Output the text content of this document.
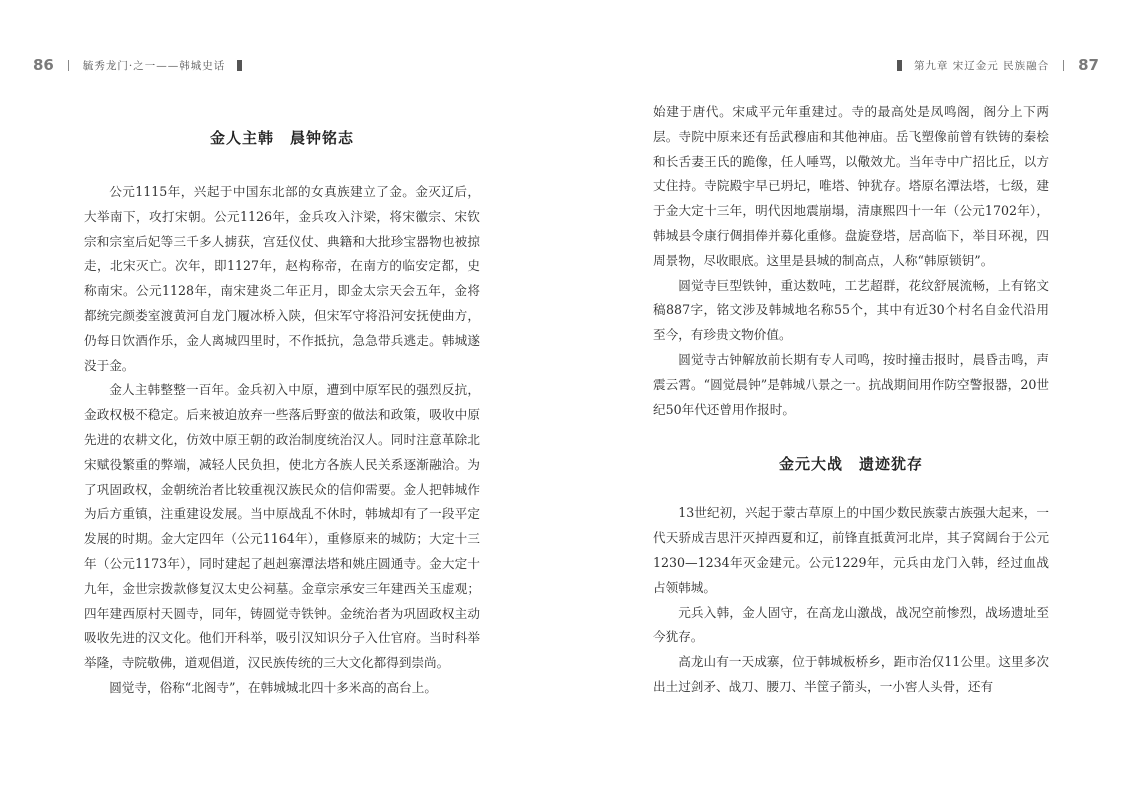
86	毓秀龙门·之一——韩城史话	第九章 宋辽金元 民族融合 87
金人主韩　晨钟铭志

公元1115年，兴起于中国东北部的女真族建立了金。金灭辽后，大举南下，攻打宋朝。公元1126年，金兵攻入汴梁，将宋徽宗、宋钦宗和宗室后妃等三千多人掳获，宫廷仪仗、典籍和大批珍宝器物也被掠走，北宋灭亡。次年，即1127年，赵构称帝，在南方的临安定都，史称南宋。公元1128年，南宋建炎二年正月，即金太宗天会五年，金将都统完颜娄室渡黄河自龙门履冰桥入陕，但宋军守将沿河安抚使曲方，仍每日饮酒作乐，金人离城四里时，不作抵抗，急急带兵逃走。韩城遂没于金。

金人主韩整整一百年。金兵初入中原，遭到中原军民的强烈反抗，金政权极不稳定。后来被迫放弃一些落后野蛮的做法和政策，吸收中原先进的农耕文化，仿效中原王朝的政治制度统治汉人。同时注意革除北宋赋役繁重的弊端，减轻人民负担，使北方各族人民关系逐渐融洽。为了巩固政权，金朝统治者比较重视汉族民众的信仰需要。金人把韩城作为后方重镇，注重建设发展。当中原战乱不休时，韩城却有了一段平定发展的时期。金大定四年（公元1164年），重修原来的城防；大定十三年（公元1173年），同时建起了赳赳寨潭法塔和姚庄圆通寺。金大定十九年，金世宗拨款修复汉太史公祠墓。金章宗承安三年建西关玉虚观；四年建西原村天圆寺，同年，铸圆觉寺铁钟。金统治者为巩固政权主动吸收先进的汉文化。他们开科举，吸引汉知识分子入仕官府。当时科举举隆，寺院敬佛，道观倡道，汉民族传统的三大文化都得到崇尚。

圆觉寺，俗称“北阁寺”，在韩城城北四十多米高的高台上。

始建于唐代。宋咸平元年重建过。寺的最高处是凤鸣阁，阁分上下两层。寺院中原来还有岳武穆庙和其他神庙。岳飞塑像前曾有铁铸的秦桧和长舌妻王氏的跪像，任人唾骂，以儆效尤。当年寺中广招比丘，以方丈住持。寺院殿宇早已坍圮，唯塔、钟犹存。塔原名潭法塔，七级，建于金大定十三年，明代因地震崩塌，清康熙四十一年（公元1702年），韩城县令康行倜捐俸并募化重修。盘旋登塔，居高临下，举目环视，四周景物，尽收眼底。这里是县城的制高点，人称“韩原锁钥”。

圆觉寺巨型铁钟，重达数吨，工艺超群，花纹舒展流畅，上有铭文稿887字，铭文涉及韩城地名称55个，其中有近30个村名自金代沿用至今，有珍贵文物价值。

圆觉寺古钟解放前长期有专人司鸣，按时撞击报时，晨昏击鸣，声震云霄。“圆觉晨钟”是韩城八景之一。抗战期间用作防空警报器，20世纪50年代还曾用作报时。

金元大战　遗迹犹存

13世纪初，兴起于蒙古草原上的中国少数民族蒙古族强大起来，一代天骄成吉思汗灭掉西夏和辽，前锋直抵黄河北岸，其子窝阔台于公元1230—1234年灭金建元。公元1229年，元兵由龙门入韩，经过血战占领韩城。

元兵入韩，金人固守，在高龙山激战，战况空前惨烈，战场遗址至今犹存。

高龙山有一天成寨，位于韩城板桥乡，距市治仅11公里。这里多次出土过剑矛、战刀、腰刀、半筐子箭头，一小窖人头骨，还有
